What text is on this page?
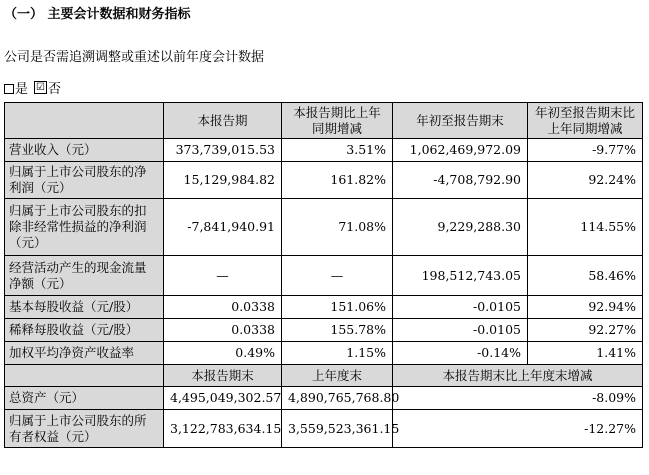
（一） 主要会计数据和财务指标
公司是否需追溯调整或重述以前年度会计数据
是 ☑ 否
	本报告期	本报告期比上年同期增减	年初至报告期末	年初至报告期末比上年同期增减
营业收入（元）	373,739,015.53	3.51%	1,062,469,972.09	-9.77%
归属于上市公司股东的净利润（元）	15,129,984.82	161.82%	-4,708,792.90	92.24%
归属于上市公司股东的扣除非经常性损益的净利润（元）	-7,841,940.91	71.08%	9,229,288.30	114.55%
经营活动产生的现金流量净额（元）	—	—	198,512,743.05	58.46%
基本每股收益（元/股）	0.0338	151.06%	-0.0105	92.94%
稀释每股收益（元/股）	0.0338	155.78%	-0.0105	92.27%
加权平均净资产收益率	0.49%	1.15%	-0.14%	1.41%
	本报告期末	上年度末	本报告期末比上年度末增减	
总资产（元）	4,495,049,302.57	4,890,765,768.80	-8.09%	
归属于上市公司股东的所有者权益（元）	3,122,783,634.15	3,559,523,361.15	-12.27%	
